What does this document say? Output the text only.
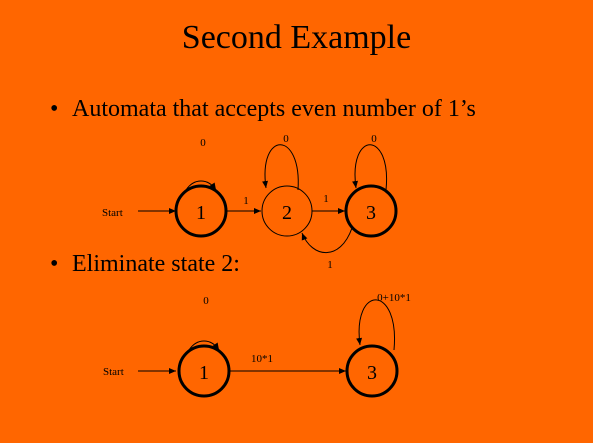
Second Example
• Automata that accepts even number of 1’s
• Eliminate state 2:
Start	1
0
2
0
3
0
1	1
1
Start	1
0
3
0+10*1
10*1
